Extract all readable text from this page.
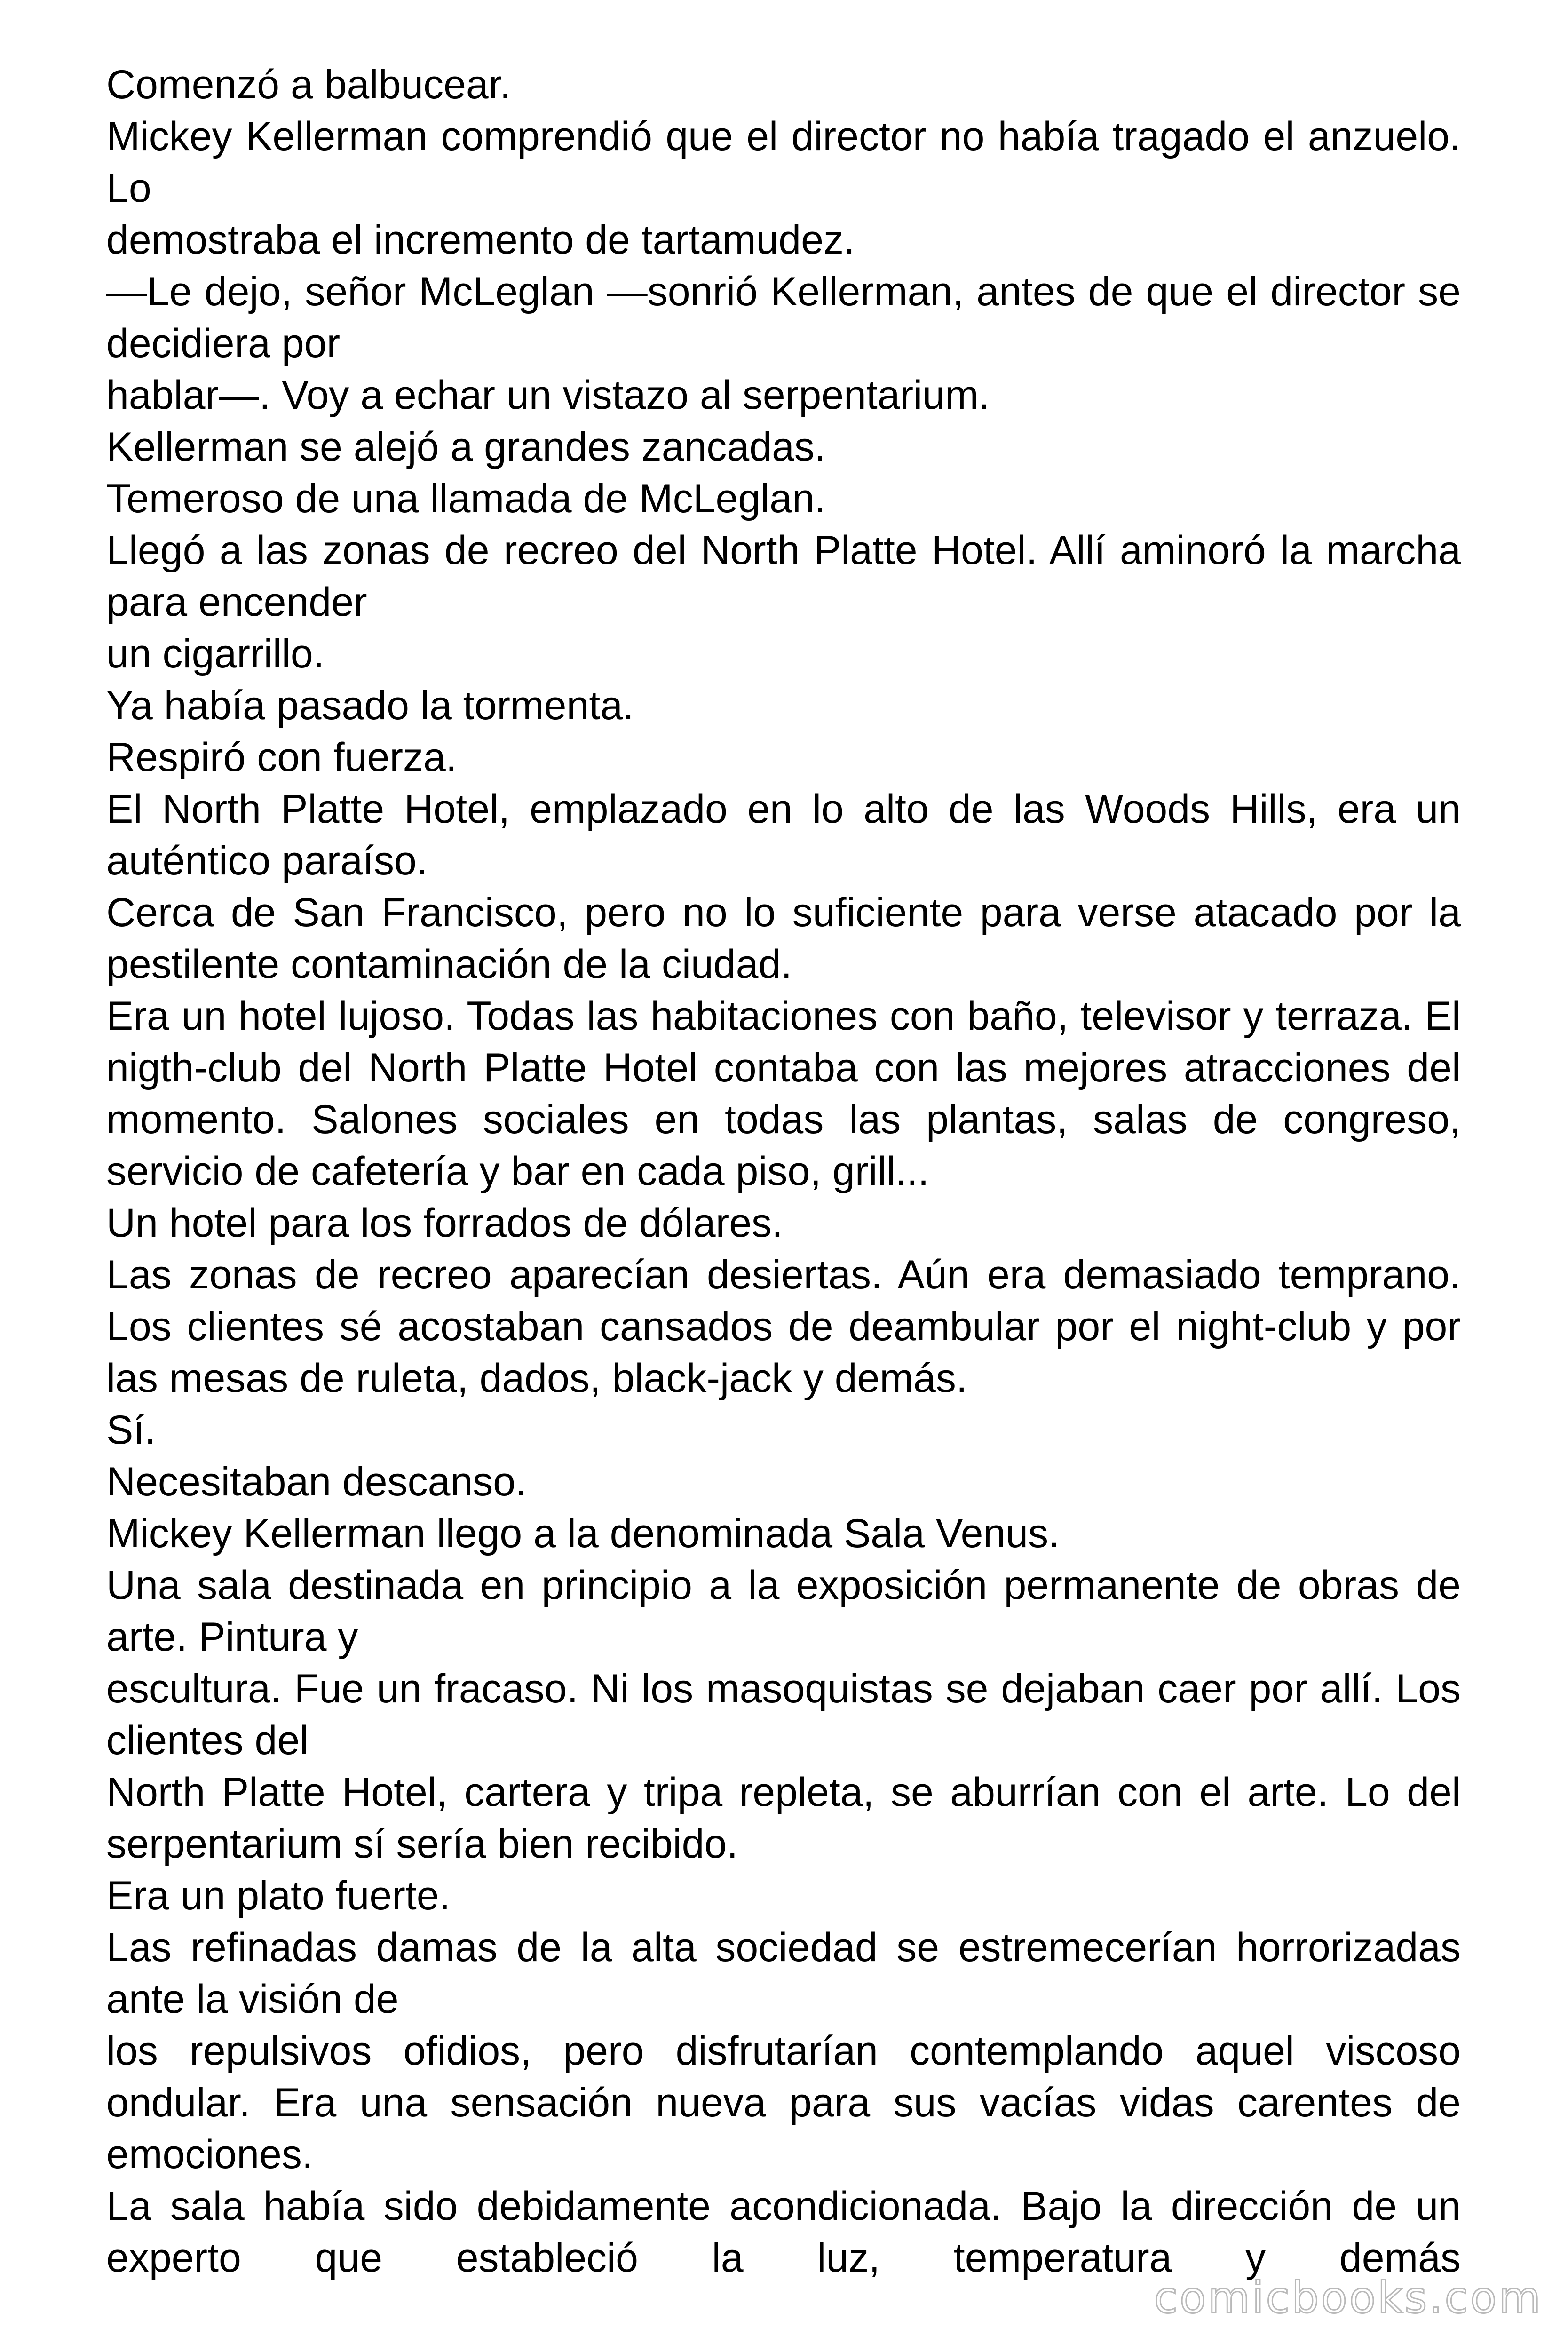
Comenzó a balbucear.

Mickey Kellerman comprendió que el director no había tragado el anzuelo. Lo

demostraba el incremento de tartamudez.

—Le dejo, señor McLeglan —sonrió Kellerman, antes de que el director se decidiera por

hablar—. Voy a echar un vistazo al serpentarium.

Kellerman se alejó a grandes zancadas.

Temeroso de una llamada de McLeglan.

Llegó a las zonas de recreo del North Platte Hotel. Allí aminoró la marcha para encender

un cigarrillo.

Ya había pasado la tormenta.

Respiró con fuerza.

El North Platte Hotel, emplazado en lo alto de las Woods Hills, era un auténtico paraíso.

Cerca de San Francisco, pero no lo suficiente para verse atacado por la pestilente contaminación de la ciudad.

Era un hotel lujoso. Todas las habitaciones con baño, televisor y terraza. El nigth-club del North Platte Hotel contaba con las mejores atracciones del momento. Salones sociales en todas las plantas, salas de congreso, servicio de cafetería y bar en cada piso, grill...

Un hotel para los forrados de dólares.

Las zonas de recreo aparecían desiertas. Aún era demasiado temprano. Los clientes sé acostaban cansados de deambular por el night-club y por las mesas de ruleta, dados, black-jack y demás.

Sí.

Necesitaban descanso.

Mickey Kellerman llego a la denominada Sala Venus.

Una sala destinada en principio a la exposición permanente de obras de arte. Pintura y

escultura. Fue un fracaso. Ni los masoquistas se dejaban caer por allí. Los clientes del

North Platte Hotel, cartera y tripa repleta, se aburrían con el arte. Lo del serpentarium sí sería bien recibido.

Era un plato fuerte.

Las refinadas damas de la alta sociedad se estremecerían horrorizadas ante la visión de

los repulsivos ofidios, pero disfrutarían contemplando aquel viscoso ondular. Era una sensación nueva para sus vacías vidas carentes de emociones.

La sala había sido debidamente acondicionada. Bajo la dirección de un experto que estableció la luz, temperatura y demás

comicbooks.com
